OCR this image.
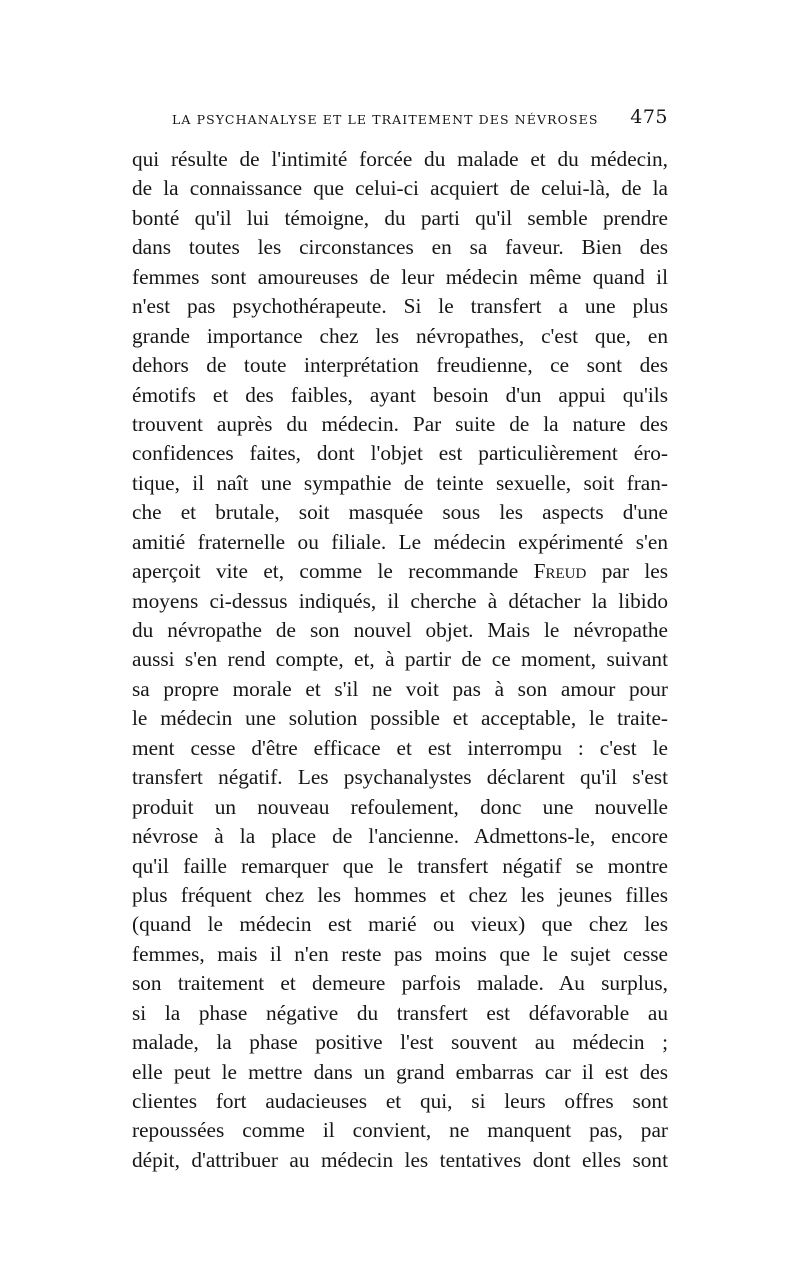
LA PSYCHANALYSE ET LE TRAITEMENT DES NÉVROSES 475
qui résulte de l'intimité forcée du malade et du médecin,
de la connaissance que celui-ci acquiert de celui-là, de la
bonté qu'il lui témoigne, du parti qu'il semble prendre
dans toutes les circonstances en sa faveur. Bien des
femmes sont amoureuses de leur médecin même quand il
n'est pas psychothérapeute. Si le transfert a une plus
grande importance chez les névropathes, c'est que, en
dehors de toute interprétation freudienne, ce sont des
émotifs et des faibles, ayant besoin d'un appui qu'ils
trouvent auprès du médecin. Par suite de la nature des
confidences faites, dont l'objet est particulièrement éro-
tique, il naît une sympathie de teinte sexuelle, soit fran-
che et brutale, soit masquée sous les aspects d'une
amitié fraternelle ou filiale. Le médecin expérimenté s'en
aperçoit vite et, comme le recommande Freud par les
moyens ci-dessus indiqués, il cherche à détacher la libido
du névropathe de son nouvel objet. Mais le névropathe
aussi s'en rend compte, et, à partir de ce moment, suivant
sa propre morale et s'il ne voit pas à son amour pour
le médecin une solution possible et acceptable, le traite-
ment cesse d'être efficace et est interrompu : c'est le
transfert négatif. Les psychanalystes déclarent qu'il s'est
produit un nouveau refoulement, donc une nouvelle
névrose à la place de l'ancienne. Admettons-le, encore
qu'il faille remarquer que le transfert négatif se montre
plus fréquent chez les hommes et chez les jeunes filles
(quand le médecin est marié ou vieux) que chez les
femmes, mais il n'en reste pas moins que le sujet cesse
son traitement et demeure parfois malade. Au surplus,
si la phase négative du transfert est défavorable au
malade, la phase positive l'est souvent au médecin ;
elle peut le mettre dans un grand embarras car il est des
clientes fort audacieuses et qui, si leurs offres sont
repoussées comme il convient, ne manquent pas, par
dépit, d'attribuer au médecin les tentatives dont elles sont
